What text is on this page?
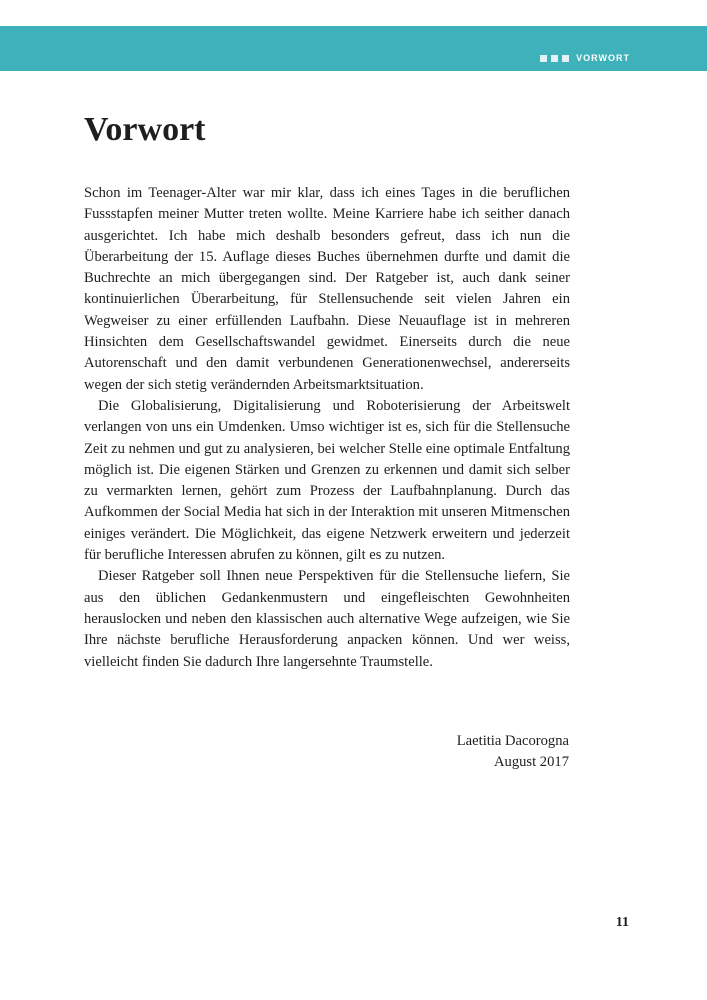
VORWORT
Vorwort

Schon im Teenager-Alter war mir klar, dass ich eines Tages in die beruflichen Fussstapfen meiner Mutter treten wollte. Meine Karriere habe ich seither danach ausgerichtet. Ich habe mich deshalb besonders gefreut, dass ich nun die Überarbeitung der 15. Auflage dieses Buches übernehmen durfte und damit die Buchrechte an mich übergegangen sind. Der Ratgeber ist, auch dank seiner kontinuierlichen Überarbeitung, für Stellensuchende seit vielen Jahren ein Wegweiser zu einer erfüllenden Laufbahn. Diese Neuauflage ist in mehreren Hinsichten dem Gesellschaftswandel gewidmet. Einerseits durch die neue Autorenschaft und den damit verbundenen Generationenwechsel, andererseits wegen der sich stetig verändernden Arbeitsmarktsituation.

Die Globalisierung, Digitalisierung und Roboterisierung der Arbeitswelt verlangen von uns ein Umdenken. Umso wichtiger ist es, sich für die Stellensuche Zeit zu nehmen und gut zu analysieren, bei welcher Stelle eine optimale Entfaltung möglich ist. Die eigenen Stärken und Grenzen zu erkennen und damit sich selber zu vermarkten lernen, gehört zum Prozess der Laufbahnplanung. Durch das Aufkommen der Social Media hat sich in der Interaktion mit unseren Mitmenschen einiges verändert. Die Möglichkeit, das eigene Netzwerk erweitern und jederzeit für berufliche Interessen abrufen zu können, gilt es zu nutzen.

Dieser Ratgeber soll Ihnen neue Perspektiven für die Stellensuche liefern, Sie aus den üblichen Gedankenmustern und eingefleischten Gewohnheiten herauslocken und neben den klassischen auch alternative Wege aufzeigen, wie Sie Ihre nächste berufliche Herausforderung anpacken können. Und wer weiss, vielleicht finden Sie dadurch Ihre langersehnte Traumstelle.

Laetitia Dacorogna
August 2017
11
